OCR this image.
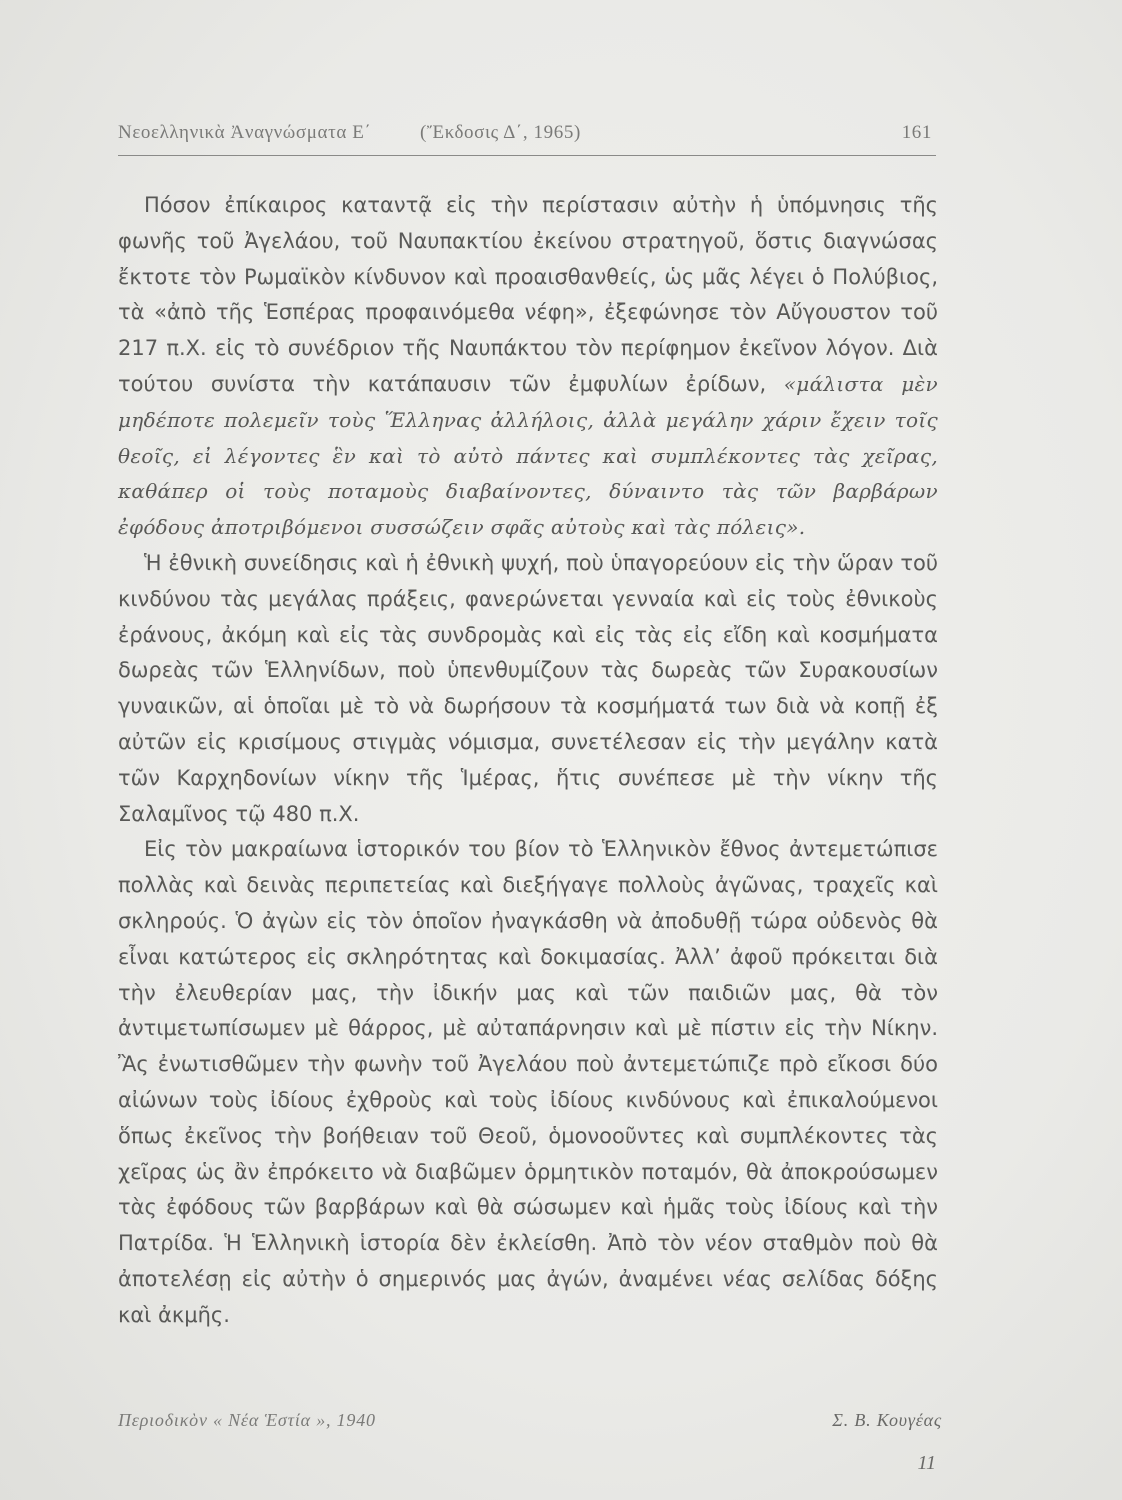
Νεοελληνικὰ Ἀναγνώσματα Ε΄	(Ἔκδοσις Δ΄, 1965)	161

Πόσον ἐπίκαιρος καταντᾷ εἰς τὴν περίστασιν αὐτὴν ἡ ὑπόμνησις τῆς φωνῆς τοῦ Ἀγελάου, τοῦ Ναυπακτίου ἐκείνου στρατηγοῦ, ὅστις διαγνώσας ἔκτοτε τὸν Ρωμαϊκὸν κίνδυνον καὶ προαισθανθείς, ὡς μᾶς λέγει ὁ Πολύβιος, τὰ «ἀπὸ τῆς Ἑσπέρας προφαινόμεθα νέφη», ἐξεφώνησε τὸν Αὔγουστον τοῦ 217 π.Χ. εἰς τὸ συνέδριον τῆς Ναυπάκτου τὸν περίφημον ἐκεῖνον λόγον. Διὰ τούτου συνίστα τὴν κατάπαυσιν τῶν ἐμφυλίων ἐρίδων, «μάλιστα μὲν μηδέποτε πολεμεῖν τοὺς Ἕλληνας ἀλλήλοις, ἀλλὰ μεγάλην χάριν ἔχειν τοῖς θεοῖς, εἰ λέγοντες ἓν καὶ τὸ αὐτὸ πάντες καὶ συμπλέκοντες τὰς χεῖρας, καθάπερ οἱ τοὺς ποταμοὺς διαβαίνοντες, δύναιντο τὰς τῶν βαρβάρων ἐφόδους ἀποτριβόμενοι συσσώζειν σφᾶς αὐτοὺς καὶ τὰς πόλεις».

Ἡ ἐθνικὴ συνείδησις καὶ ἡ ἐθνικὴ ψυχή, ποὺ ὑπαγορεύουν εἰς τὴν ὥραν τοῦ κινδύνου τὰς μεγάλας πράξεις, φανερώνεται γενναία καὶ εἰς τοὺς ἐθνικοὺς ἐράνους, ἀκόμη καὶ εἰς τὰς συνδρομὰς καὶ εἰς τὰς εἰς εἴδη καὶ κοσμήματα δωρεὰς τῶν Ἑλληνίδων, ποὺ ὑπενθυμίζουν τὰς δωρεὰς τῶν Συρακουσίων γυναικῶν, αἱ ὁποῖαι μὲ τὸ νὰ δωρήσουν τὰ κοσμήματά των διὰ νὰ κοπῇ ἐξ αὐτῶν εἰς κρισίμους στιγμὰς νόμισμα, συνετέλεσαν εἰς τὴν μεγάλην κατὰ τῶν Καρχηδονίων νίκην τῆς Ἱμέρας, ἥτις συνέπεσε μὲ τὴν νίκην τῆς Σαλαμῖνος τῷ 480 π.Χ.

Εἰς τὸν μακραίωνα ἱστορικόν του βίον τὸ Ἑλληνικὸν ἔθνος ἀντεμετώπισε πολλὰς καὶ δεινὰς περιπετείας καὶ διεξήγαγε πολλοὺς ἀγῶνας, τραχεῖς καὶ σκληρούς. Ὁ ἀγὼν εἰς τὸν ὁποῖον ἠναγκάσθη νὰ ἀποδυθῇ τώρα οὐδενὸς θὰ εἶναι κατώτερος εἰς σκληρότητας καὶ δοκιμασίας. Ἀλλ’ ἀφοῦ πρόκειται διὰ τὴν ἐλευθερίαν μας, τὴν ἰδικήν μας καὶ τῶν παιδιῶν μας, θὰ τὸν ἀντιμετωπίσωμεν μὲ θάρρος, μὲ αὐταπάρνησιν καὶ μὲ πίστιν εἰς τὴν Νίκην. Ἂς ἐνωτισθῶμεν τὴν φωνὴν τοῦ Ἀγελάου ποὺ ἀντεμετώπιζε πρὸ εἴκοσι δύο αἰώνων τοὺς ἰδίους ἐχθροὺς καὶ τοὺς ἰδίους κινδύνους καὶ ἐπικαλούμενοι ὅπως ἐκεῖνος τὴν βοήθειαν τοῦ Θεοῦ, ὁμονοοῦντες καὶ συμπλέκοντες τὰς χεῖρας ὡς ἂν ἐπρόκειτο νὰ διαβῶμεν ὁρμητικὸν ποταμόν, θὰ ἀποκρούσωμεν τὰς ἐφόδους τῶν βαρβάρων καὶ θὰ σώσωμεν καὶ ἡμᾶς τοὺς ἰδίους καὶ τὴν Πατρίδα. Ἡ Ἑλληνικὴ ἱστορία δὲν ἐκλείσθη. Ἀπὸ τὸν νέον σταθμὸν ποὺ θὰ ἀποτελέσῃ εἰς αὐτὴν ὁ σημερινός μας ἀγών, ἀναμένει νέας σελίδας δόξης καὶ ἀκμῆς.

Περιοδικὸν « Νέα Ἑστία », 1940	Σ. Β. Κουγέας
11
